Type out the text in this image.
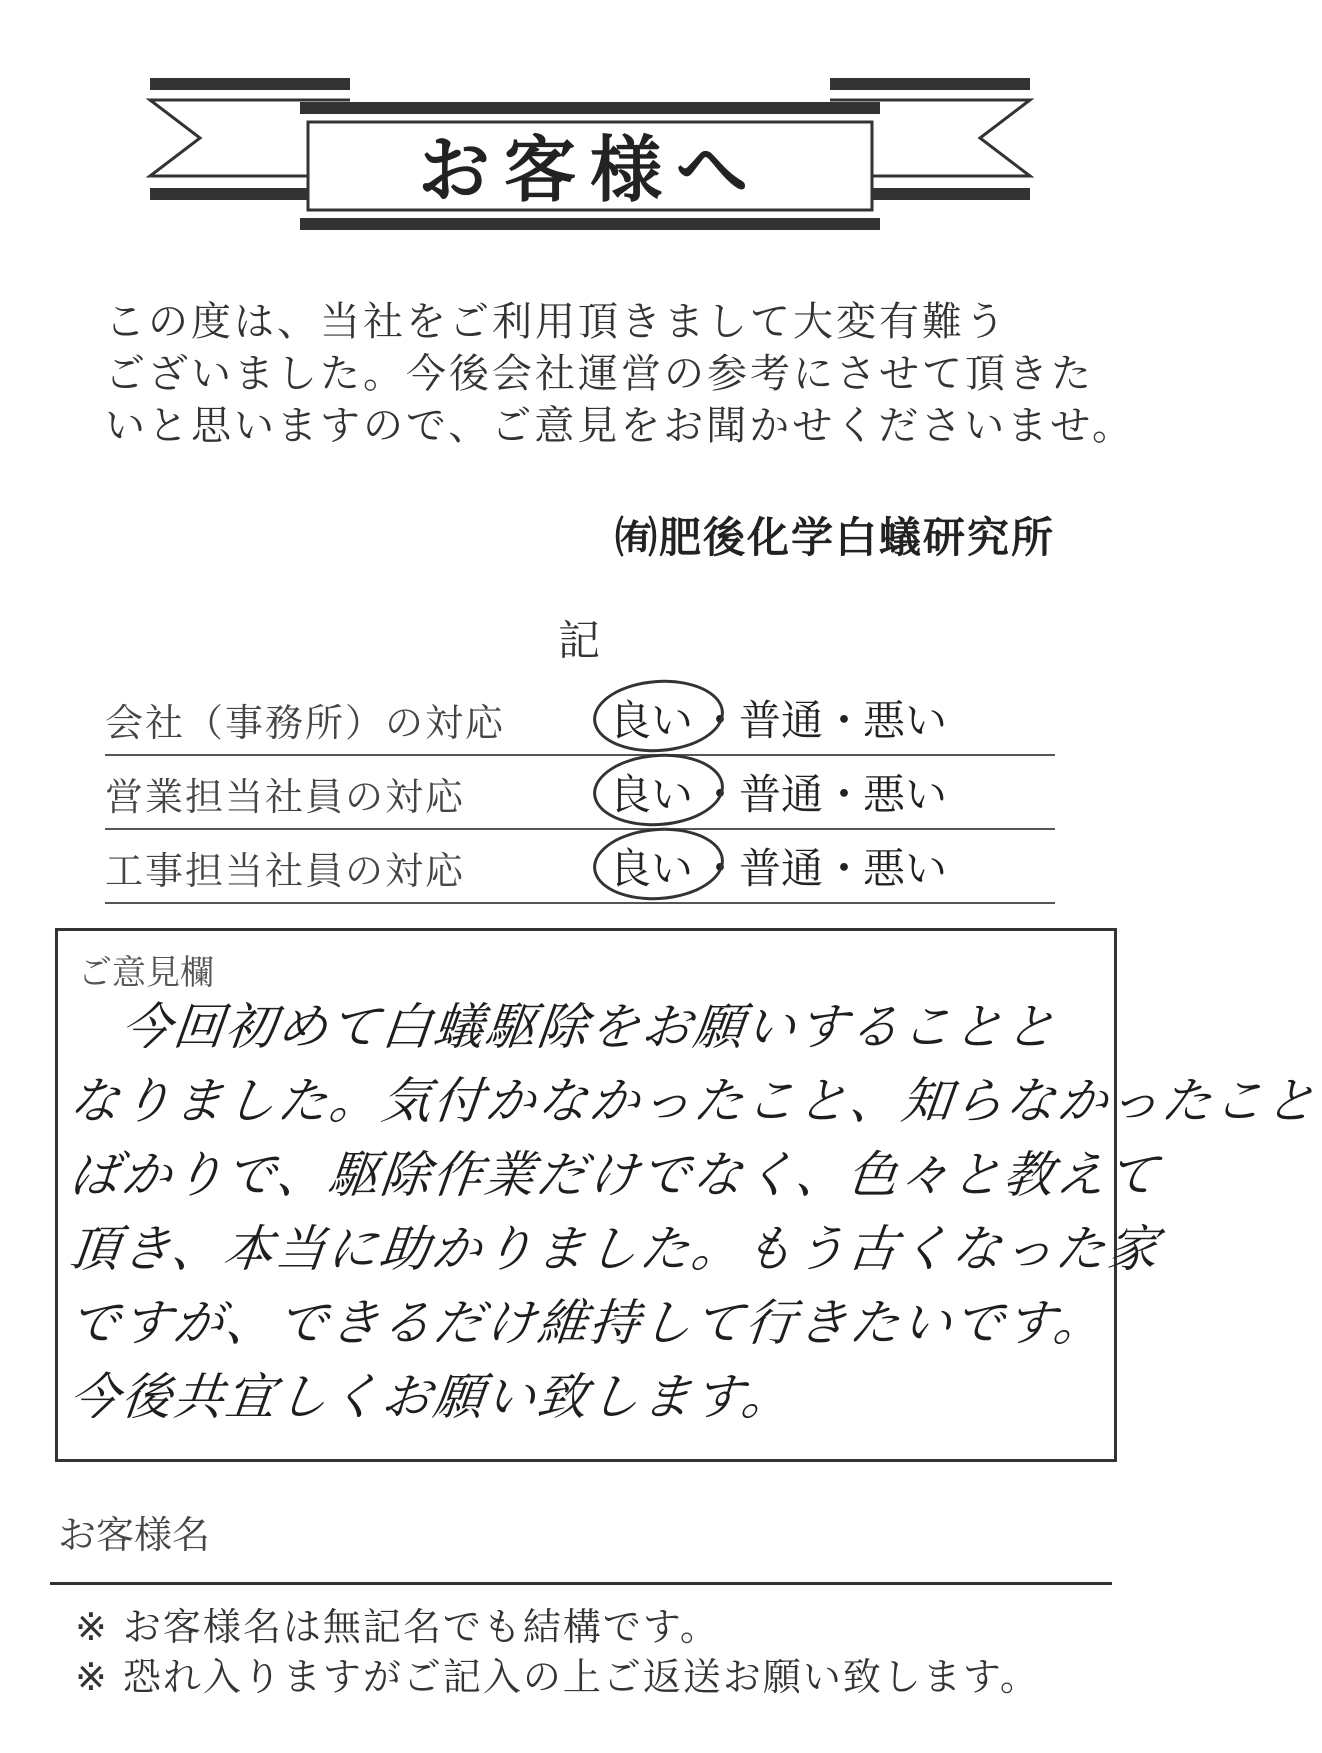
お客様へ
この度は、当社をご利用頂きまして大変有難う
ございました。今後会社運営の参考にさせて頂きた
いと思いますので、ご意見をお聞かせくださいませ。
㈲肥後化学白蟻研究所
記
会社（事務所）の対応 良い ・普通・悪い
営業担当社員の対応	良い ・普通・悪い
工事担当社員の対応	良い ・普通・悪い
ご意見欄
　今回初めて白蟻駆除をお願いすることと
なりました。気付かなかったこと、知らなかったこと
ばかりで、駆除作業だけでなく、色々と教えて
頂き、本当に助かりました。もう古くなった家
ですが、できるだけ維持して行きたいです。
今後共宜しくお願い致します。
お客様名
※ お客様名は無記名でも結構です。
※ 恐れ入りますがご記入の上ご返送お願い致します。
